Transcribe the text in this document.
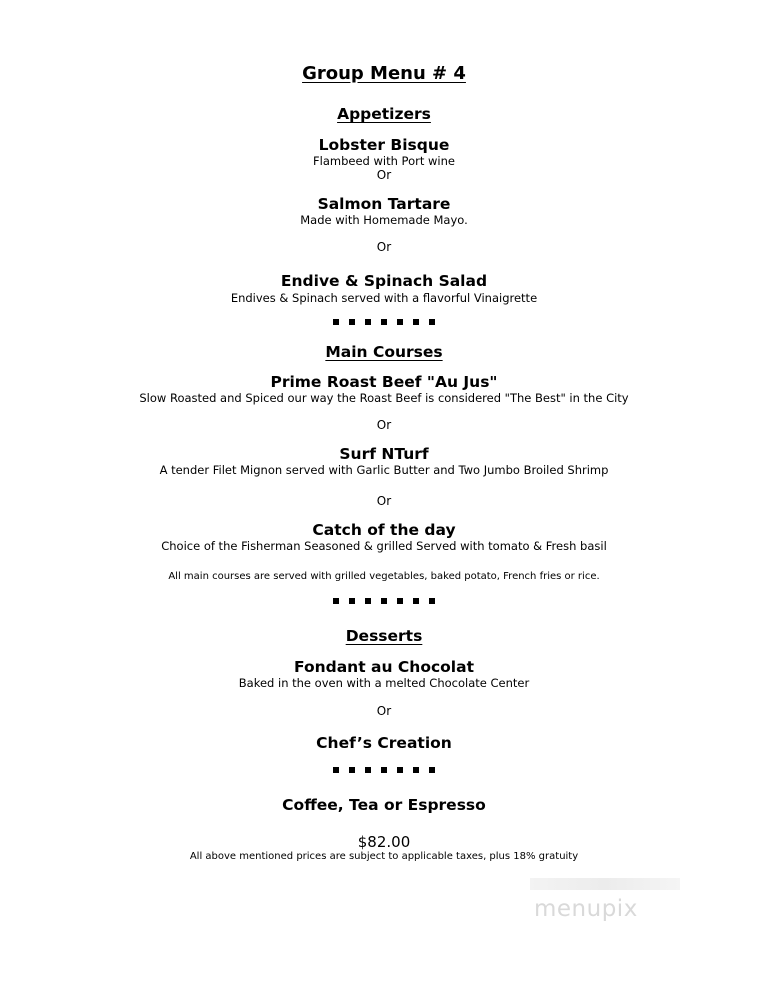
Group Menu # 4
Appetizers
Lobster Bisque
Flambeed with Port wine
Or
Salmon Tartare
Made with Homemade Mayo.
Or
Endive & Spinach Salad
Endives & Spinach served with a flavorful Vinaigrette
Main Courses
Prime Roast Beef "Au Jus"
Slow Roasted and Spiced our way the Roast Beef is considered "The Best" in the City
Or
Surf NTurf
A tender Filet Mignon served with Garlic Butter and Two Jumbo Broiled Shrimp
Or
Catch of the day
Choice of the Fisherman Seasoned & grilled Served with tomato & Fresh basil
All main courses are served with grilled vegetables, baked potato, French fries or rice.
Desserts
Fondant au Chocolat
Baked in the oven with a melted Chocolate Center
Or
Chef’s Creation
Coffee, Tea or Espresso
$82.00
All above mentioned prices are subject to applicable taxes, plus 18% gratuity
menupix
